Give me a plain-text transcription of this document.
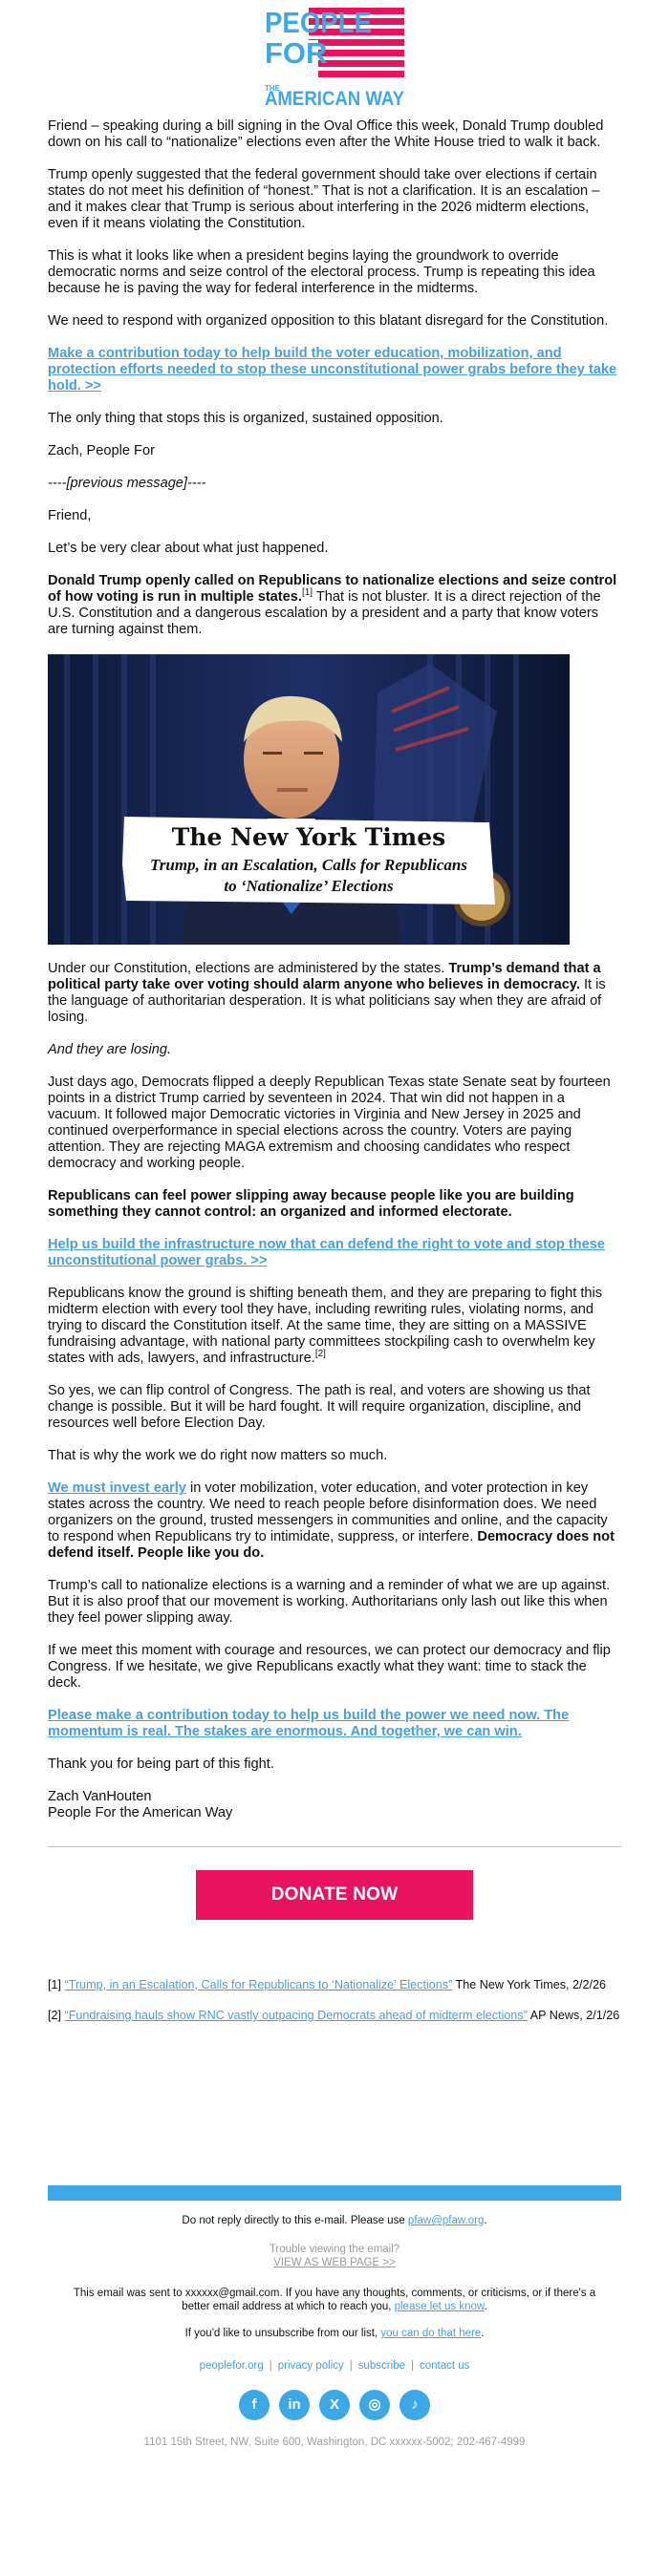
PEOPLE
FOR
THE
AMERICAN WAY

Friend – speaking during a bill signing in the Oval Office this week, Donald Trump doubled down on his call to “nationalize” elections even after the White House tried to walk it back.

Trump openly suggested that the federal government should take over elections if certain states do not meet his definition of “honest.” That is not a clarification. It is an escalation – and it makes clear that Trump is serious about interfering in the 2026 midterm elections, even if it means violating the Constitution.

This is what it looks like when a president begins laying the groundwork to override democratic norms and seize control of the electoral process. Trump is repeating this idea because he is paving the way for federal interference in the midterms.

We need to respond with organized opposition to this blatant disregard for the Constitution.

Make a contribution today to help build the voter education, mobilization, and protection efforts needed to stop these unconstitutional power grabs before they take hold. >>

The only thing that stops this is organized, sustained opposition.

Zach, People For

----[previous message]----

Friend,

Let’s be very clear about what just happened.

Donald Trump openly called on Republicans to nationalize elections and seize control of how voting is run in multiple states.[1] That is not bluster. It is a direct rejection of the U.S. Constitution and a dangerous escalation by a president and a party that know voters are turning against them.

The New York Times
Trump, in an Escalation, Calls for Republicans
to ‘Nationalize’ Elections

Under our Constitution, elections are administered by the states. Trump’s demand that a political party take over voting should alarm anyone who believes in democracy. It is the language of authoritarian desperation. It is what politicians say when they are afraid of losing.

And they are losing.

Just days ago, Democrats flipped a deeply Republican Texas state Senate seat by fourteen points in a district Trump carried by seventeen in 2024. That win did not happen in a vacuum. It followed major Democratic victories in Virginia and New Jersey in 2025 and continued overperformance in special elections across the country. Voters are paying attention. They are rejecting MAGA extremism and choosing candidates who respect democracy and working people.

Republicans can feel power slipping away because people like you are building something they cannot control: an organized and informed electorate.

Help us build the infrastructure now that can defend the right to vote and stop these unconstitutional power grabs. >>

Republicans know the ground is shifting beneath them, and they are preparing to fight this midterm election with every tool they have, including rewriting rules, violating norms, and trying to discard the Constitution itself. At the same time, they are sitting on a MASSIVE fundraising advantage, with national party committees stockpiling cash to overwhelm key states with ads, lawyers, and infrastructure.[2]

So yes, we can flip control of Congress. The path is real, and voters are showing us that change is possible. But it will be hard fought. It will require organization, discipline, and resources well before Election Day.

That is why the work we do right now matters so much.

We must invest early in voter mobilization, voter education, and voter protection in key states across the country. We need to reach people before disinformation does. We need organizers on the ground, trusted messengers in communities and online, and the capacity to respond when Republicans try to intimidate, suppress, or interfere. Democracy does not defend itself. People like you do.

Trump’s call to nationalize elections is a warning and a reminder of what we are up against. But it is also proof that our movement is working. Authoritarians only lash out like this when they feel power slipping away.

If we meet this moment with courage and resources, we can protect our democracy and flip Congress. If we hesitate, we give Republicans exactly what they want: time to stack the deck.

Please make a contribution today to help us build the power we need now. The momentum is real. The stakes are enormous. And together, we can win.

Thank you for being part of this fight.

Zach VanHouten

People For the American Way

DONATE NOW

[1] “Trump, in an Escalation, Calls for Republicans to ‘Nationalize’ Elections” The New York Times, 2/2/26

[2] “Fundraising hauls show RNC vastly outpacing Democrats ahead of midterm elections” AP News, 2/1/26

Do not reply directly to this e-mail. Please use pfaw@pfaw.org.
Trouble viewing the email?
VIEW AS WEB PAGE >>
This email was sent to xxxxxx@gmail.com. If you have any thoughts, comments, or criticisms, or if there's a better email address at which to reach you, please let us know.
If you'd like to unsubscribe from our list, you can do that here.
peoplefor.org | privacy policy | subscribe | contact us
f	in	X	◎	♪
1101 15th Street, NW, Suite 600, Washington, DC xxxxxx-5002; 202-467-4999
